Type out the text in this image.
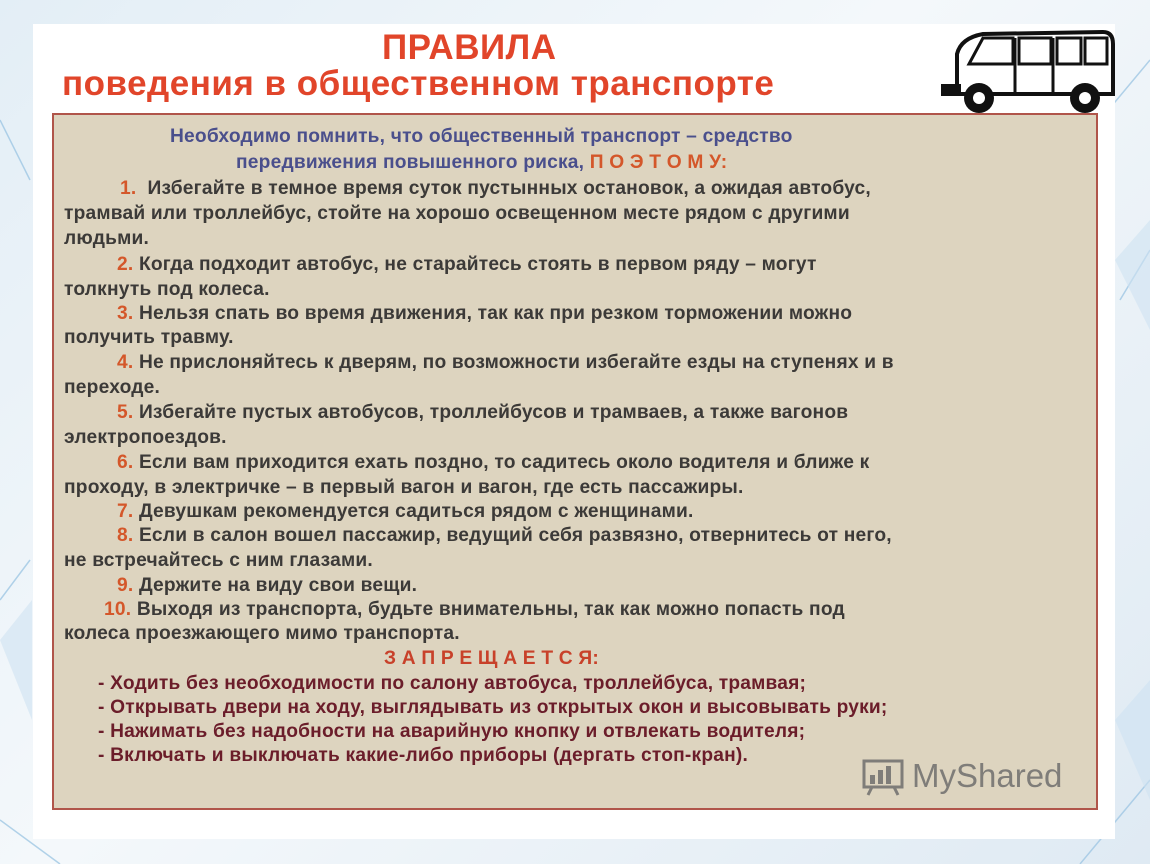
ПРАВИЛА
поведения в общественном транспорте
Необходимо помнить, что общественный транспорт – средство
передвижения повышенного риска, П О Э Т О М У:
1. Избегайте в темное время суток пустынных остановок, а ожидая автобус,
трамвай или троллейбус, стойте на хорошо освещенном месте рядом с другими
людьми.
2. Когда подходит автобус, не старайтесь стоять в первом ряду – могут
толкнуть под колеса.
3. Нельзя спать во время движения, так как при резком торможении можно
получить травму.
4. Не прислоняйтесь к дверям, по возможности избегайте езды на ступенях и в
переходе.
5. Избегайте пустых автобусов, троллейбусов и трамваев, а также вагонов
электропоездов.
6. Если вам приходится ехать поздно, то садитесь около водителя и ближе к
проходу, в электричке – в первый вагон и вагон, где есть пассажиры.
7. Девушкам рекомендуется садиться рядом с женщинами.
8. Если в салон вошел пассажир, ведущий себя развязно, отвернитесь от него,
не встречайтесь с ним глазами.
9. Держите на виду свои вещи.
10. Выходя из транспорта, будьте внимательны, так как можно попасть под
колеса проезжающего мимо транспорта.
З А П Р Е Щ А Е Т С Я:
- Ходить без необходимости по салону автобуса, троллейбуса, трамвая;
- Открывать двери на ходу, выглядывать из открытых окон и высовывать руки;
- Нажимать без надобности на аварийную кнопку и отвлекать водителя;
- Включать и выключать какие-либо приборы (дергать стоп-кран).
MyShared
